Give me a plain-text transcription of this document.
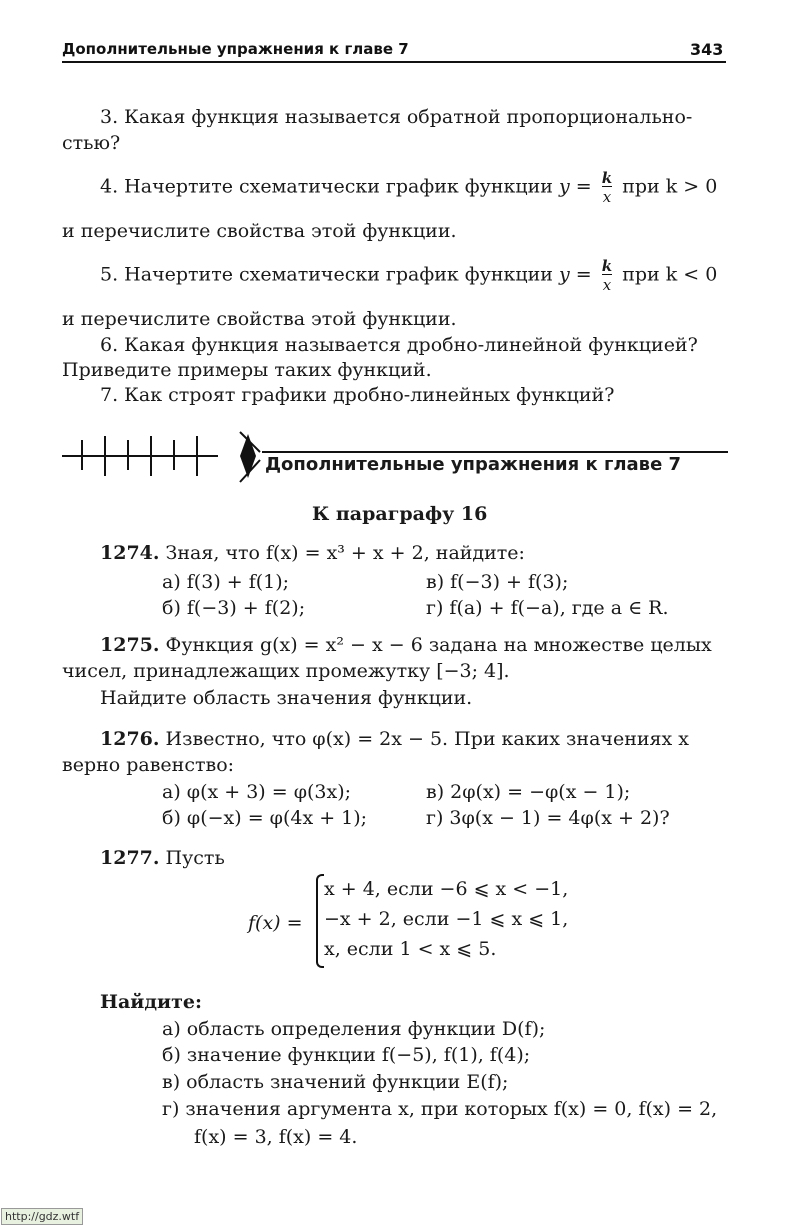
Дополнительные упражнения к главе 7	343
3. Какая функция называется обратной пропорционально-
стью?
4. Начертите схематически график функции $y = \frac{k}{x}$ при k > 0
и перечислите свойства этой функции.
5. Начертите схематически график функции $y = \frac{k}{x}$ при k < 0
и перечислите свойства этой функции.
6. Какая функция называется дробно-линейной функцией?
Приведите примеры таких функций.
7. Как строят графики дробно-линейных функций?
Дополнительные упражнения к главе 7
К параграфу 16
1274. Зная, что f(x) = x³ + x + 2, найдите:
а) f(3) + f(1);	в) f(−3) + f(3);
б) f(−3) + f(2);	г) f(a) + f(−a), где a ∈ R.
1275. Функция g(x) = x² − x − 6 задана на множестве целых
чисел, принадлежащих промежутку [−3; 4].
Найдите область значения функции.
1276. Известно, что φ(x) = 2x − 5. При каких значениях x
верно равенство:
а) φ(x + 3) = φ(3x);	в) 2φ(x) = −φ(x − 1);
б) φ(−x) = φ(4x + 1);	г) 3φ(x − 1) = 4φ(x + 2)?
1277. Пусть
f(x) =
x + 4, если −6 ⩽ x < −1,
−x + 2, если −1 ⩽ x ⩽ 1,
x, если 1 < x ⩽ 5.
Найдите:
а) область определения функции D(f);
б) значение функции f(−5), f(1), f(4);
в) область значений функции E(f);
г) значения аргумента x, при которых f(x) = 0, f(x) = 2,
f(x) = 3, f(x) = 4.
http://gdz.wtf
